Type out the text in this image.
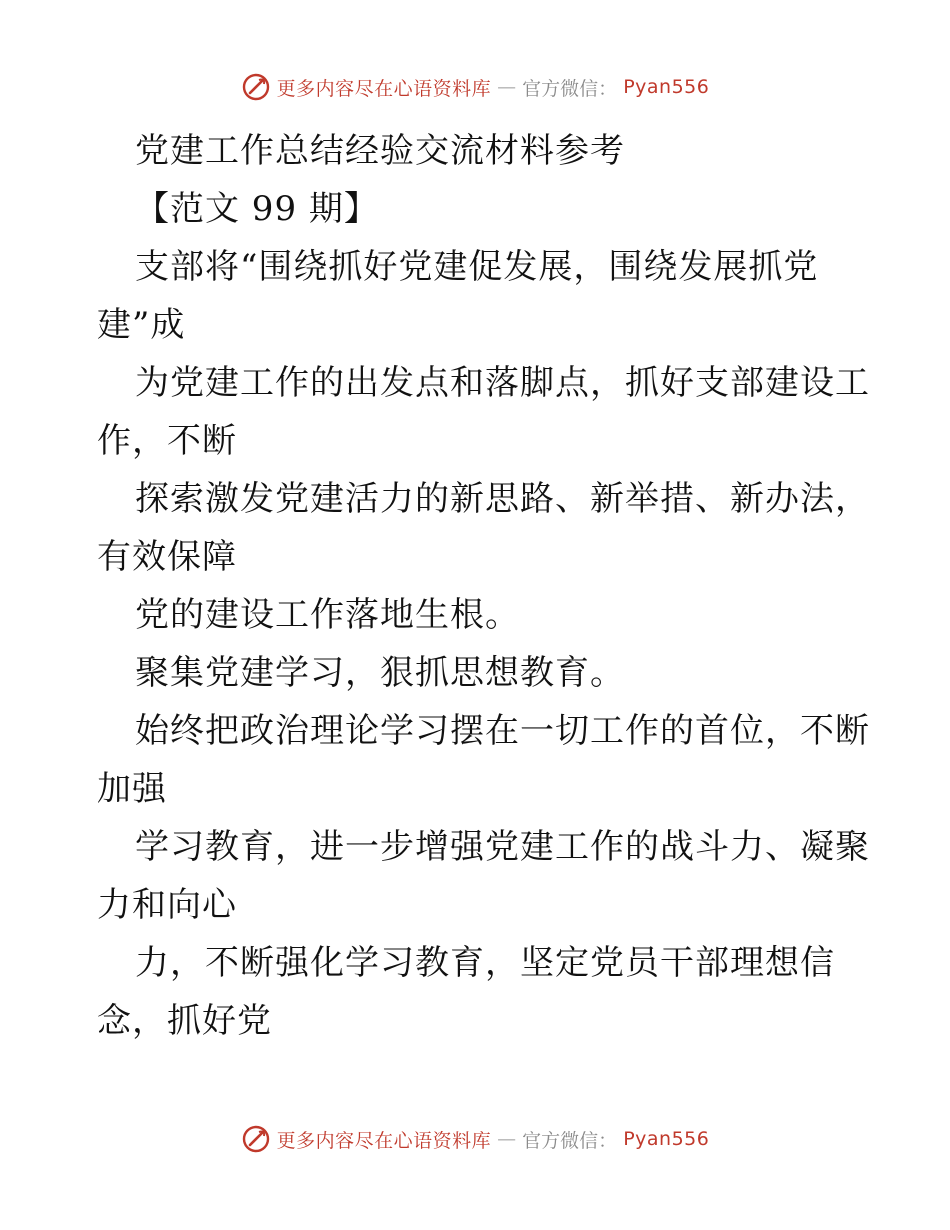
更多内容尽在心语资料库 — 官方微信： Pyan556
党建工作总结经验交流材料参考
【范文 99 期】
支部将“围绕抓好党建促发展，围绕发展抓党
建”成
为党建工作的出发点和落脚点，抓好支部建设工
作，不断
探索激发党建活力的新思路、新举措、新办法，
有效保障
党的建设工作落地生根。
聚集党建学习，狠抓思想教育。
始终把政治理论学习摆在一切工作的首位，不断
加强
学习教育，进一步增强党建工作的战斗力、凝聚
力和向心
力，不断强化学习教育，坚定党员干部理想信
念，抓好党
更多内容尽在心语资料库 — 官方微信： Pyan556
